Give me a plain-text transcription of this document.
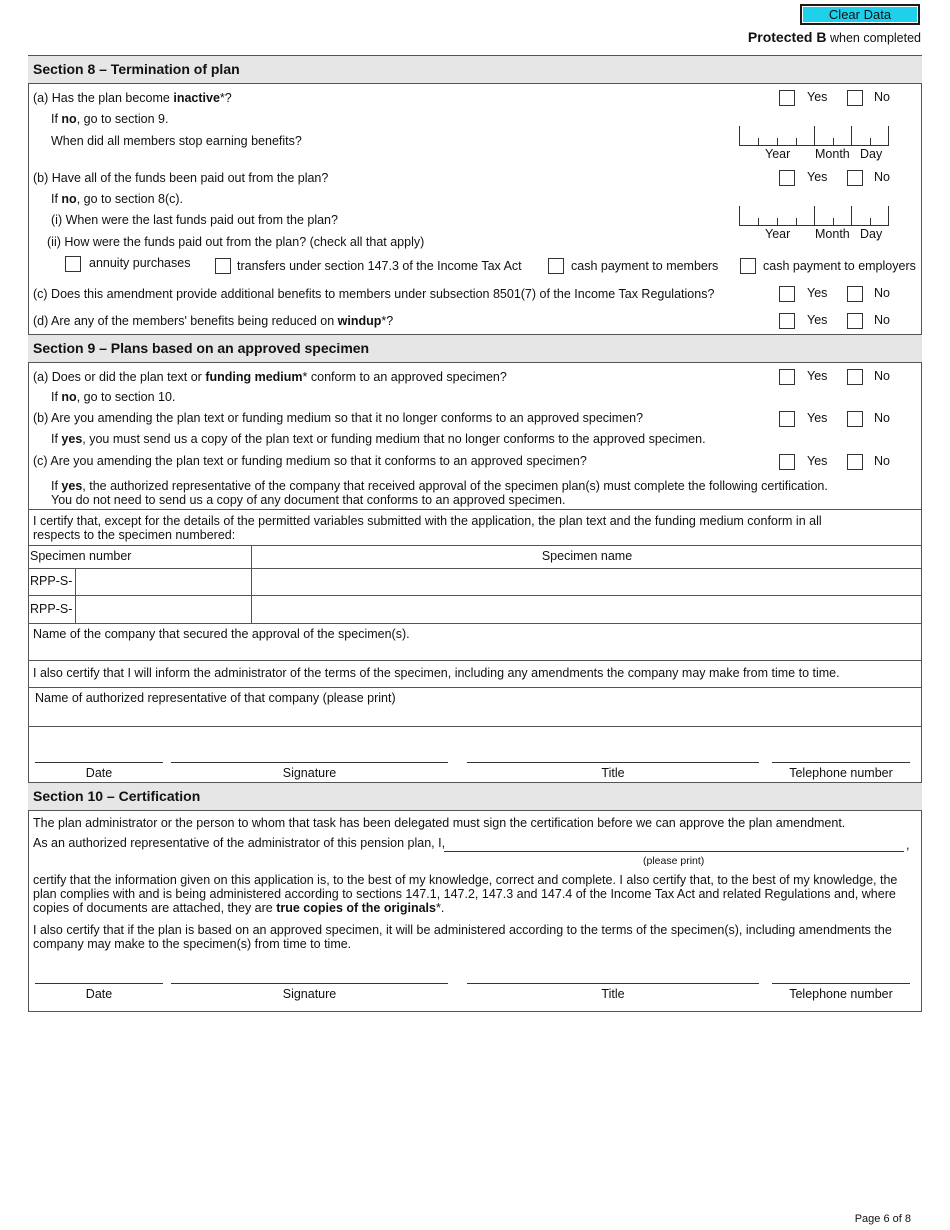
Clear Data
Protected B when completed
Section 8 – Termination of plan
(a) Has the plan become inactive*?	Yes	No
If no, go to section 9.
When did all members stop earning benefits?
Year Month Day
(b) Have all of the funds been paid out from the plan?	Yes	No
If no, go to section 8(c).
(i) When were the last funds paid out from the plan?
Year Month Day
(ii) How were the funds paid out from the plan? (check all that apply)
annuity purchases	transfers under section 147.3 of the Income Tax Act	cash payment to members	cash payment to employers
(c) Does this amendment provide additional benefits to members under subsection 8501(7) of the Income Tax Regulations?	Yes	No
(d) Are any of the members' benefits being reduced on windup*?	Yes	No
Section 9 – Plans based on an approved specimen
(a) Does or did the plan text or funding medium* conform to an approved specimen?	Yes	No
If no, go to section 10.
(b) Are you amending the plan text or funding medium so that it no longer conforms to an approved specimen?	Yes	No
If yes, you must send us a copy of the plan text or funding medium that no longer conforms to the approved specimen.
(c) Are you amending the plan text or funding medium so that it conforms to an approved specimen?	Yes	No
If yes, the authorized representative of the company that received approval of the specimen plan(s) must complete the following certification.
You do not need to send us a copy of any document that conforms to an approved specimen.
I certify that, except for the details of the permitted variables submitted with the application, the plan text and the funding medium conform in all respects to the specimen numbered:
Specimen number	Specimen name
RPP-S-
RPP-S-
Name of the company that secured the approval of the specimen(s).
I also certify that I will inform the administrator of the terms of the specimen, including any amendments the company may make from time to time.
Name of authorized representative of that company (please print)
Date	Signature	Title	Telephone number
Section 10 – Certification
The plan administrator or the person to whom that task has been delegated must sign the certification before we can approve the plan amendment.
As an authorized representative of the administrator of this pension plan, I,	,
(please print)
certify that the information given on this application is, to the best of my knowledge, correct and complete. I also certify that, to the best of my knowledge, the plan complies with and is being administered according to sections 147.1, 147.2, 147.3 and 147.4 of the Income Tax Act and related Regulations and, where copies of documents are attached, they are true copies of the originals*.
I also certify that if the plan is based on an approved specimen, it will be administered according to the terms of the specimen(s), including amendments the company may make to the specimen(s) from time to time.
Date	Signature	Title	Telephone number
Page 6 of 8
